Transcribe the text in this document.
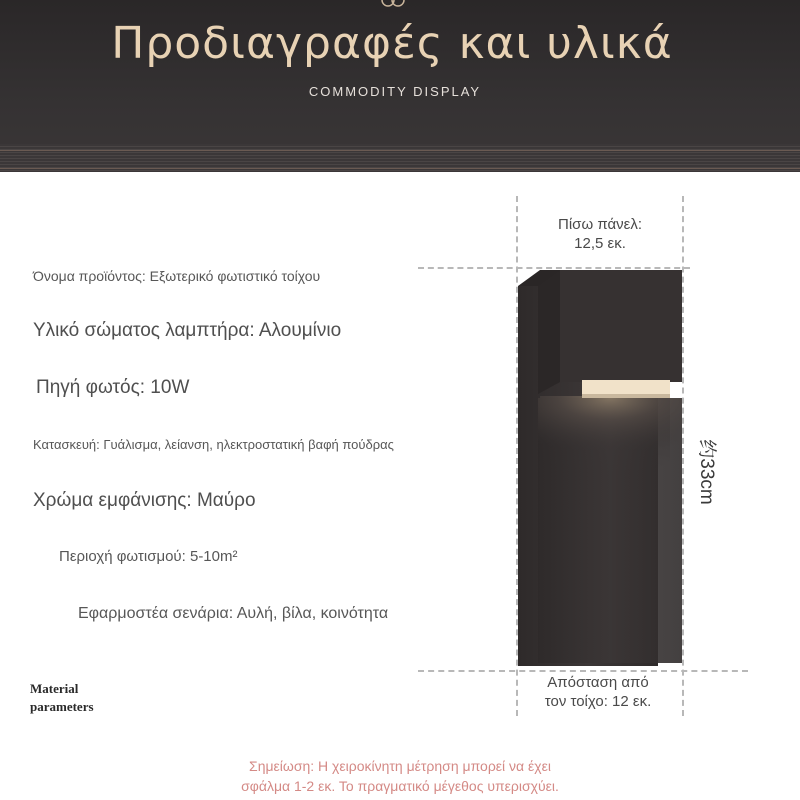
Προδιαγραφές και υλικά
COMMODITY DISPLAY
Όνομα προϊόντος: Εξωτερικό φωτιστικό τοίχου
Υλικό σώματος λαμπτήρα: Αλουμίνιο
Πηγή φωτός: 10W
Κατασκευή: Γυάλισμα, λείανση, ηλεκτροστατική βαφή πούδρας
Χρώμα εμφάνισης: Μαύρο
Περιοχή φωτισμού: 5-10m²
Εφαρμοστέα σενάρια: Αυλή, βίλα, κοινότητα
Material
parameters
Πίσω πάνελ:
12,5 εκ.
约33cm
Απόσταση από
τον τοίχο: 12 εκ.
Σημείωση: Η χειροκίνητη μέτρηση μπορεί να έχει
σφάλμα 1-2 εκ. Το πραγματικό μέγεθος υπερισχύει.
